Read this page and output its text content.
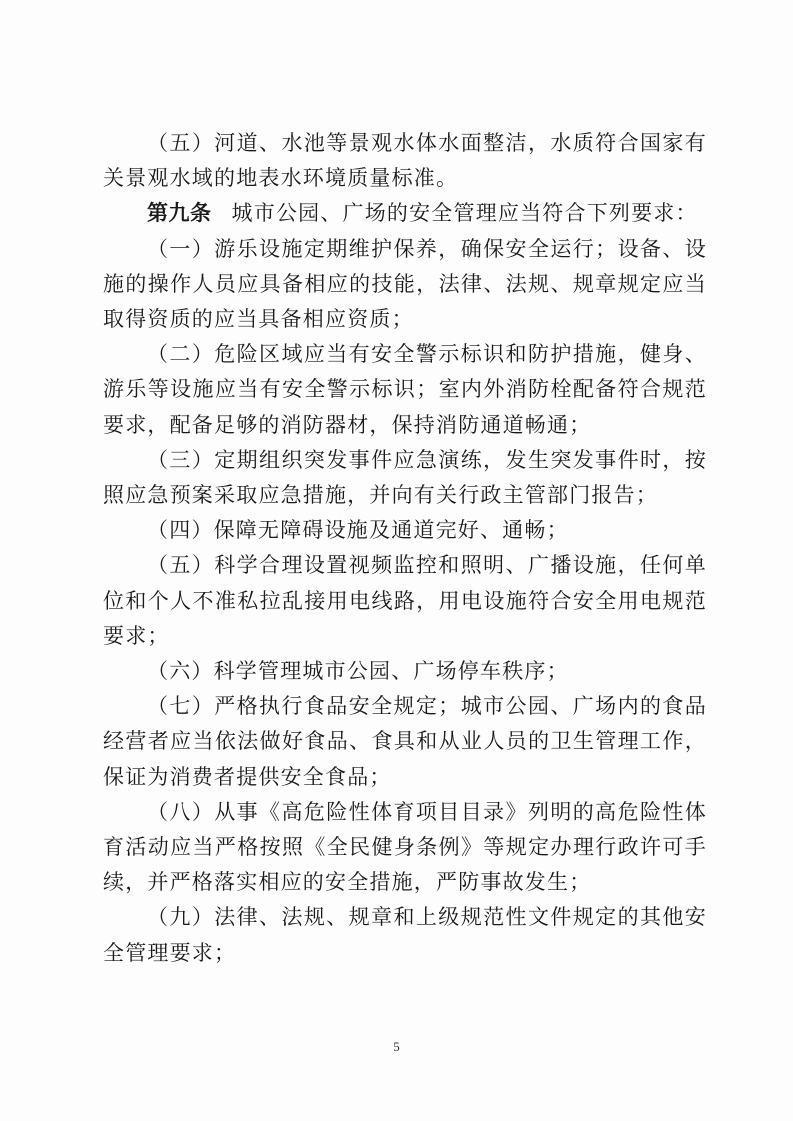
（五）河道、水池等景观水体水面整洁，水质符合国家有关景观水域的地表水环境质量标准。

第九条 城市公园、广场的安全管理应当符合下列要求：

（一）游乐设施定期维护保养，确保安全运行；设备、设施的操作人员应具备相应的技能，法律、法规、规章规定应当取得资质的应当具备相应资质；

（二）危险区域应当有安全警示标识和防护措施，健身、游乐等设施应当有安全警示标识；室内外消防栓配备符合规范要求，配备足够的消防器材，保持消防通道畅通；

（三）定期组织突发事件应急演练，发生突发事件时，按照应急预案采取应急措施，并向有关行政主管部门报告；

（四）保障无障碍设施及通道完好、通畅；

（五）科学合理设置视频监控和照明、广播设施，任何单位和个人不准私拉乱接用电线路，用电设施符合安全用电规范要求；

（六）科学管理城市公园、广场停车秩序；

（七）严格执行食品安全规定；城市公园、广场内的食品经营者应当依法做好食品、食具和从业人员的卫生管理工作，保证为消费者提供安全食品；

（八）从事《高危险性体育项目目录》列明的高危险性体育活动应当严格按照《全民健身条例》等规定办理行政许可手续，并严格落实相应的安全措施，严防事故发生；

（九）法律、法规、规章和上级规范性文件规定的其他安全管理要求；

5
